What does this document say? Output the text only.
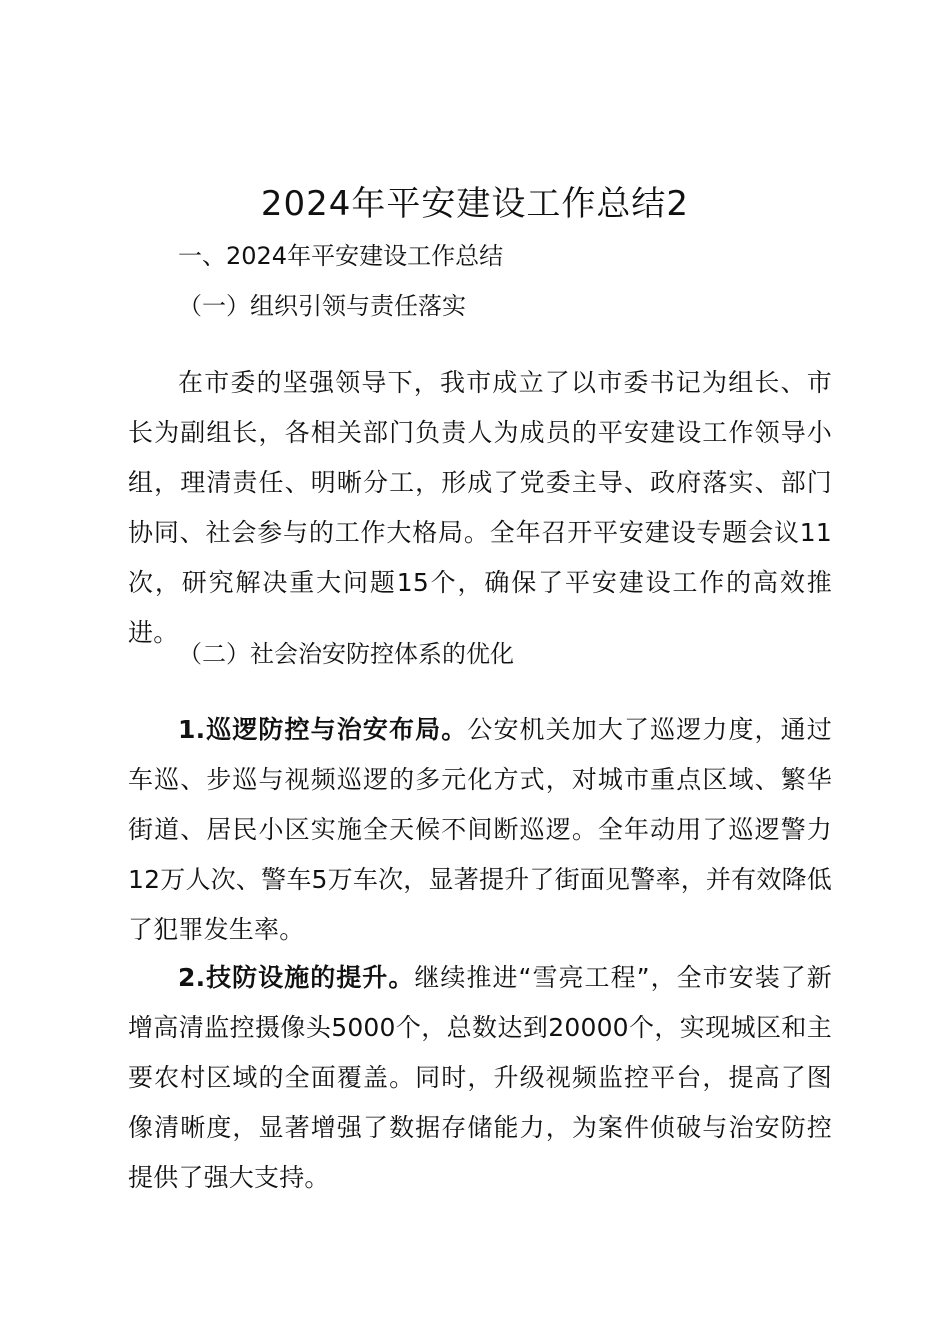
2024年平安建设工作总结2
一、2024年平安建设工作总结
（一）组织引领与责任落实

在市委的坚强领导下，我市成立了以市委书记为组长、市长为副组长，各相关部门负责人为成员的平安建设工作领导小组，理清责任、明晰分工，形成了党委主导、政府落实、部门协同、社会参与的工作大格局。全年召开平安建设专题会议11次，研究解决重大问题15个，确保了平安建设工作的高效推进。

（二）社会治安防控体系的优化

1.巡逻防控与治安布局。公安机关加大了巡逻力度，通过车巡、步巡与视频巡逻的多元化方式，对城市重点区域、繁华街道、居民小区实施全天候不间断巡逻。全年动用了巡逻警力12万人次、警车5万车次，显著提升了街面见警率，并有效降低了犯罪发生率。

2.技防设施的提升。继续推进“雪亮工程”，全市安装了新增高清监控摄像头5000个，总数达到20000个，实现城区和主要农村区域的全面覆盖。同时，升级视频监控平台，提高了图像清晰度，显著增强了数据存储能力，为案件侦破与治安防控提供了强大支持。
